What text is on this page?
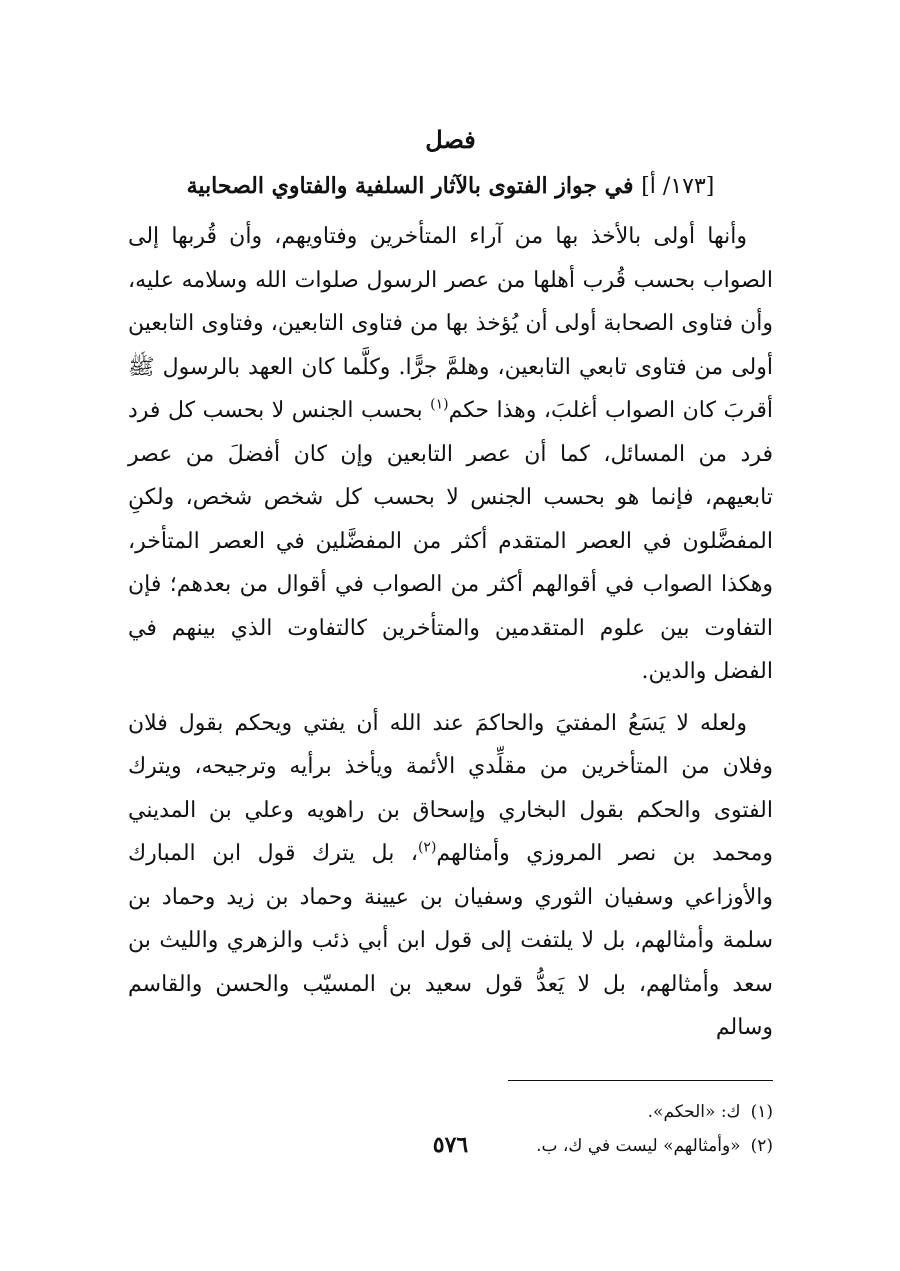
فصل
[١٧٣/ أ] في جواز الفتوى بالآثار السلفية والفتاوي الصحابية

وأنها أولى بالأخذ بها من آراء المتأخرين وفتاويهم، وأن قُربها إلى الصواب بحسب قُرب أهلها من عصر الرسول صلوات الله وسلامه عليه، وأن فتاوى الصحابة أولى أن يُؤخذ بها من فتاوى التابعين، وفتاوى التابعين أولى من فتاوى تابعي التابعين، وهلمَّ جرًّا. وكلَّما كان العهد بالرسول ﷺ أقربَ كان الصواب أغلبَ، وهذا حكم$^{(١)}$ بحسب الجنس لا بحسب كل فرد فرد من المسائل، كما أن عصر التابعين وإن كان أفضلَ من عصر تابعيهم، فإنما هو بحسب الجنس لا بحسب كل شخص شخص، ولكنِ المفضَّلون في العصر المتقدم أكثر من المفضَّلين في العصر المتأخر، وهكذا الصواب في أقوالهم أكثر من الصواب في أقوال من بعدهم؛ فإن التفاوت بين علوم المتقدمين والمتأخرين كالتفاوت الذي بينهم في الفضل والدين.

ولعله لا يَسَعُ المفتيَ والحاكمَ عند الله أن يفتي ويحكم بقول فلان وفلان من المتأخرين من مقلِّدي الأئمة ويأخذ برأيه وترجيحه، ويترك الفتوى والحكم بقول البخاري وإسحاق بن راهويه وعلي بن المديني ومحمد بن نصر المروزي وأمثالهم$^{(٢)}$، بل يترك قول ابن المبارك والأوزاعي وسفيان الثوري وسفيان بن عيينة وحماد بن زيد وحماد بن سلمة وأمثالهم، بل لا يلتفت إلى قول ابن أبي ذئب والزهري والليث بن سعد وأمثالهم، بل لا يَعدُّ قول سعيد بن المسيّب والحسن والقاسم وسالم

(١)ك: «الحكم».

(٢)«وأمثالهم» ليست في ك، ب.

٥٧٦
